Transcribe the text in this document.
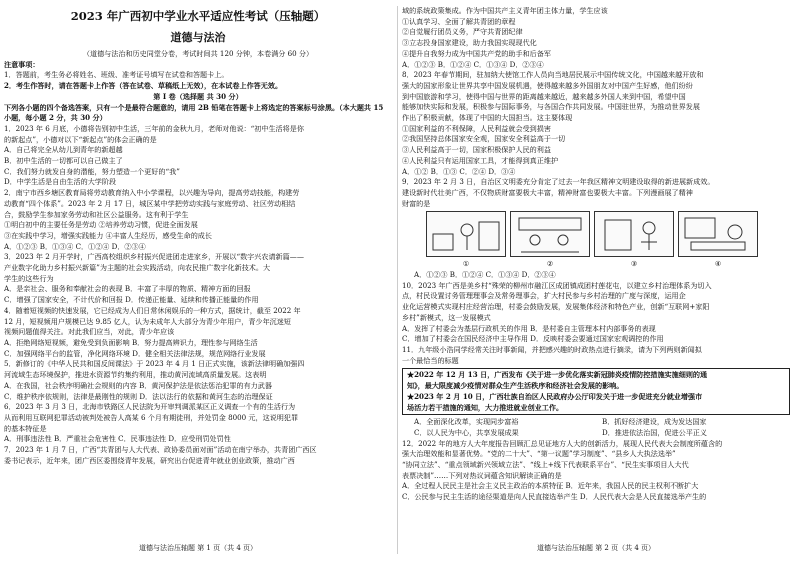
2023 年广西初中学业水平适应性考试（压轴题）
道德与法治
（道德与法治和历史同堂分卷，考试时间共 120 分钟，本卷满分 60 分）
注意事项：
1．答题前，考生务必将姓名、班级、准考证号填写在试卷和答题卡上。
2．考生作答时，请在答题卡上作答（答在试卷、草稿纸上无效），在本试卷上作答无效。
第 Ⅰ 卷（选择题 共 30 分）
下列各小题的四个备选答案，只有一个是最符合题意的，请用 2B 铅笔在答题卡上将选定的答案标号涂黑。（本大题共 15 小题，每小题 2 分，共 30 分）
1．2023 年 6 月底，小德将告别初中生活，三年前的金秋九月，老师对他说：“初中生活将是你
的新起点”，小德对以下“新起点”的体会正确的是
A．自己将完全从幼儿到青年的新超越
B．初中生活的一切都可以自己做主了
C．我们努力就发自身的潜能，努力塑造一个更好的“我”
D．中学生活是自由生活的大学阶段
2．南宁市西乡塘区教育局将劳动教育纳入中小学课程，以兴趣为导向，提高劳动技能，构建劳
动教育“四个体系”。2023 年 2 月 17 日，城区某中学把劳动实践与家庭劳动、社区劳动相结
合，鼓励学生参加家务劳动和社区公益服务。这有利于学生
①明白初中的主要任务是劳动 ②培养劳动习惯，促进全面发展
③在实践中学习，增强实践能力 ④丰富人生经历，感受生命的成长
A．①②③ B．①③④ C．①②④ D．②③④
3．2023 年 2 月开学时，广西高校组织乡村振兴促进团走进家乡，开展以“数字兴农请新篇——
产业数字化助力乡村振兴新篇”为主题的社会实践活动，向农民推广数字化新技术。大
学生的这些行为
A．是亲社会、服务和奉献社会的表现 B．丰富了丰厚的物质、精神方面的回报
C．增强了国家安全，不计代价和回报 D．传递正能量、延续和传播正能量的作用
4．随着短视频的快速发展，它已经成为人们日常休闲娱乐的一种方式，据统计，截至 2022 年
12 月，短视频用户规模已达 9.85 亿人，认为未成年人大部分为青少年用户，青少年沉迷短
视频问题值得关注。对此我们应当，对此，青少年应该
A．拒绝网络短视频，避免受到负面影响 B．努力提高辨识力，理性参与网络生活
C．加强网络平台的监管，净化网络环境 D．健全相关法律法规，规范网络行业发展
5．新修订的《中华人民共和国反间谍法》于 2023 年 4 月 1 日正式实施，该新法律明确加强四
河流域生态环境保护，推进水资源节约集约利用，推动黄河流域高质量发展。这表明
A．在我国，社会秩序明确社会规则的内容 B．黄河保护法是依法惩治犯罪的有力武器
C．维护秩序依规则，法律是最刚性的规则 D．法以法行的依据和黄河生态的治理保证
6．2023 年 3 月 3 日，北海市铁路区人民法院为开审判调派某区正义调查一个有的生活行为
从而利用互联网犯罪活动被判处被告人高某 6 个月有期徒刑，并处罚金 8000 元，这说明犯罪
的基本特征是
A．刑事违法性 B．严重社会危害性 C．民事违法性 D．应受刑罚处罚性
7．2023 年 1 月 7 日，广西“共青团与人大代表、政协委员面对面”活动在南宁举办，共青团广西区
委书记表示，近年来，团广西区委围绕青年发展，研究出台促进青年就业创业政策，推动广西
道德与法治压轴题 第 1 页（共 4 页）
域的系统政策集成。作为中国共产主义青年团主体力量，学生应该
①认真学习、全面了解共青团的章程
②自觉履行团员义务，严守共青团纪律
③立志投身国家建设，助力我国实现现代化
④提升自我努力成为中国共产党的助手和后备军
A．①②③ B．①②④ C．①③④ D．②③④
8．2023 年春节期间，驻加纳大使馆工作人员向当地居民展示中国传统文化，中国越来越开放和
强大的国家形象让世界共享中国发展机遇，使得越来越多外国朋友对中国产生好感，他们纷纷
到中国旅游和学习，使得中国与世界的距离越来越近，越来越多外国人来到中国，希望中国
能够加快实际和发展，积极参与国际事务，与各国合作共同发展。中国驻世界，为推动世界发展
作出了积极贡献，体现了中国的大国担当。这主要体现
①国家利益的不利保障，人民利益就会受到损害
②我国坚持总体国家安全观，国家安全利益高于一切
③人民利益高于一切，国家积极保护人民的利益
④人民利益只有运用国家工具，才能得到真正维护
A．①② B．①③ C．②④ D．③④
9．2023 年 2 月 3 日，自治区文明委充分肯定了过去一年我区精神文明建设取得的新进展新成效。
建设新时代壮美广西，不仅物质财富要极大丰富，精神财富也要极大丰富。下列漫画展了精神
财富的是
①	②	③	④
A．①②③ B．①②④ C．①③④ D．②③④
10．2023 年广西是美乡村“殊荣的柳州市融江区成团镇成团村莲花屯，以建立乡村治理体系为切入
点，村民设置讨务管理理事会及常务理事会，扩大村民参与乡村治理的广度与深度，运用企
业化运营模式实现村庄经营治理，村委会鼓励发展，发展集体经济和特色产业，创新“互联网+家阳
乡村”新模式，这一发展模式
A．发挥了村委会为基层行政机关的作用 B．是村委自主管理本村内部事务的表现
C．增加了村委会在国民经济中主导作用 D．反映村委会要通过国家宏观调控的作用
11．九年级小浩同学经常关注时事新闻，并把感兴趣的时政热点进行摘录，请为下列两则新闻拟
一个最恰当的标题
★2022 年 12 月 13 日，广西发布《关于进一步优化落实新冠肺炎疫情防控措施实施细则的通
知》，最大限度减少疫情对群众生产生活秩序和经济社会发展的影响。
★2023 年 2 月 10 日，广西壮族自治区人民政府办公厅印发关于进一步促进充分就业增强市
场活力若干措施的通知，大力推进就业创业工作。
A．全面深化改革，实现同步富裕	B．抓好经济建设，成为发达国家
C．以人民为中心，共享发展成果	D．推进依法治国，促进公平正义
12．2022 年的地方人大年度报告回顾汇总见证地方人大的创新活力，展现人民代表大会制度所蕴含的
强大治理效能和显著优势。“党的二十大”、“第一议题”学习制度”、“县乡人大执法选举”
“协同立法”、“重点领域新兴领域立法”、“线上+线下代表联系平台”、“民生实事项目人大代
表票决制”……下列对热议词蕴含知识解读正确的是
A．全过程人民民主是社会主义民主政治的本质特征 B．近年来，我国人民的民主权利不断扩大
C．公民参与民主生活的途径渠道是向人民直接选举产生 D．人民代表大会是人民直接选举产生的
道德与法治压轴题 第 2 页（共 4 页）
